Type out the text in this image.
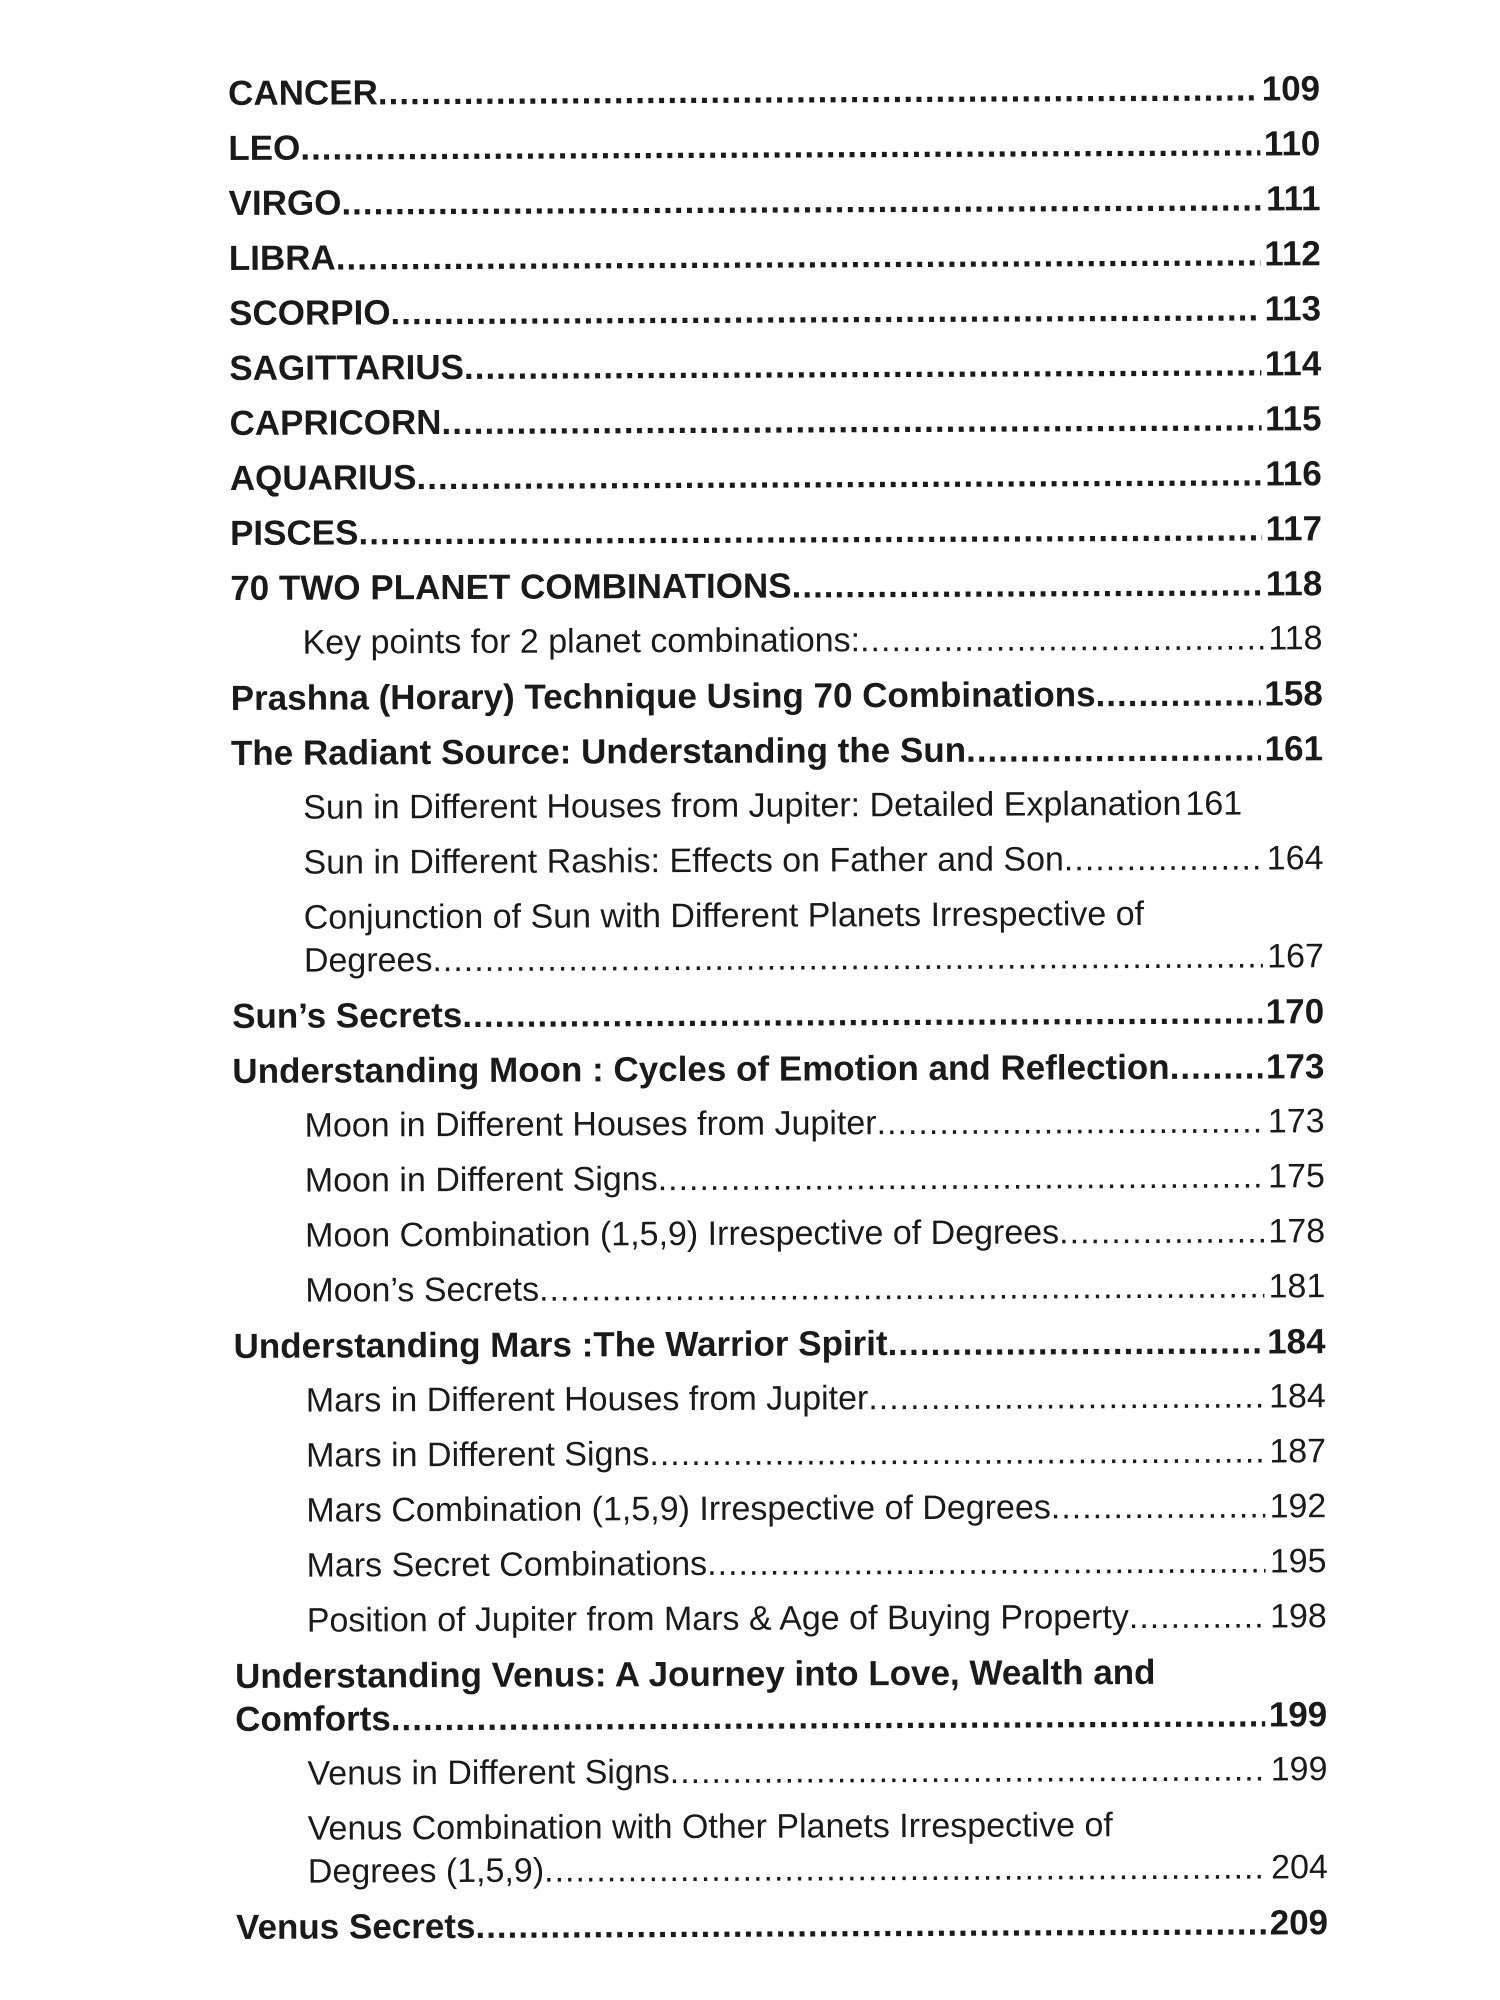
CANCER .....	109
LEO .....	110
VIRGO .....	111
LIBRA .....	112
SCORPIO .....	113
SAGITTARIUS .....	114
CAPRICORN .....	115
AQUARIUS .....	116
PISCES .....	117
70 TWO PLANET COMBINATIONS .....	118
Key points for 2 planet combinations: .....	118
Prashna (Horary) Technique Using 70 Combinations .....	158
The Radiant Source: Understanding the Sun .....	161
Sun in Different Houses from Jupiter: Detailed Explanation ..... 161
Sun in Different Rashis: Effects on Father and Son .....	164
Conjunction of Sun with Different Planets Irrespective of
Degrees .....	167
Sun’s Secrets .....	170
Understanding Moon : Cycles of Emotion and Reflection .....	173
Moon in Different Houses from Jupiter .....	173
Moon in Different Signs .....	175
Moon Combination (1,5,9) Irrespective of Degrees .....	178
Moon’s Secrets .....	181
Understanding Mars :The Warrior Spirit .....	184
Mars in Different Houses from Jupiter .....	184
Mars in Different Signs .....	187
Mars Combination (1,5,9) Irrespective of Degrees .....	192
Mars Secret Combinations .....	195
Position of Jupiter from Mars & Age of Buying Property .....	198
Understanding Venus: A Journey into Love, Wealth and
Comforts .....	199
Venus in Different Signs .....	199
Venus Combination with Other Planets Irrespective of
Degrees (1,5,9) .....	204
Venus Secrets .....	209
